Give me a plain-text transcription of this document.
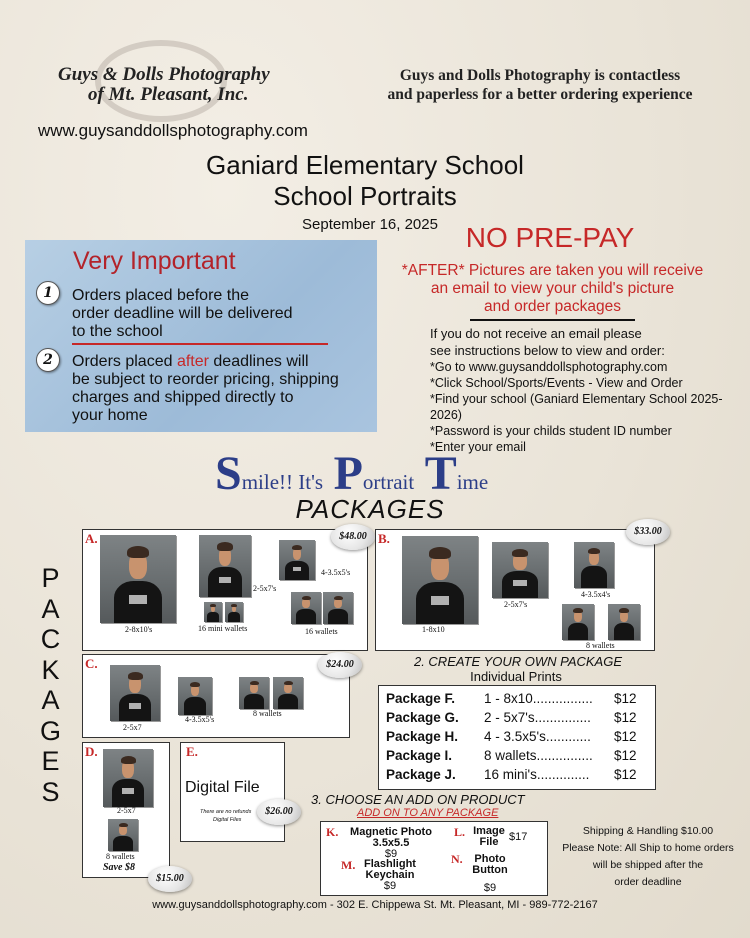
Guys & Dolls Photography
of Mt. Pleasant, Inc.
Guys and Dolls Photography is contactless
and paperless for a better ordering experience
www.guysanddollsphotography.com
Ganiard Elementary School
School Portraits
September 16, 2025
Very Important
1	Orders placed before the
order deadline will be delivered
to the school
2	Orders placed after deadlines will
be subject to reorder pricing, shipping
charges and shipped directly to
your home
NO PRE-PAY
*AFTER* Pictures are taken you will receive
an email to view your child's picture
and order packages
If you do not receive an email please
see instructions below to view and order:
*Go to www.guysanddollsphotography.com
*Click School/Sports/Events - View and Order
*Find your school (Ganiard Elementary School 2025-2026)
*Password is your childs student ID number
*Enter your email
Smile!! It's Portrait Time
PACKAGES
P
A
C
K
A
G
E
S
A.
2-8x10's
2-5x7's
4-3.5x5's
16 mini wallets	16 wallets
$48.00 B.
1-8x10
2-5x7's
4-3.5x4's
8 wallets
$33.00
C.
2-5x7
4-3.5x5's
8 wallets
$24.00
D.
2-5x7
8 wallets
Save $8
$15.00
E.
Digital File
There are no refunds
Digital Files
$26.00
2. CREATE YOUR OWN PACKAGE
Individual Prints
Package F. 1 - 8x10................ $12
Package G. 2 - 5x7's............... $12
Package H. 4 - 3.5x5's............ $12
Package I. 8 wallets............... $12
Package J. 16 mini's.............. $12
3. CHOOSE AN ADD ON PRODUCT
ADD ON TO ANY PACKAGE
K.	Magnetic Photo
3.5x5.5
$9
L. Image
File $17
M. Flashlight
Keychain
$9
N.	Photo
Button
$9
Shipping & Handling $10.00
Please Note: All Ship to home orders
will be shipped after the
order deadline
www.guysanddollsphotography.com - 302 E. Chippewa St. Mt. Pleasant, MI - 989-772-2167
